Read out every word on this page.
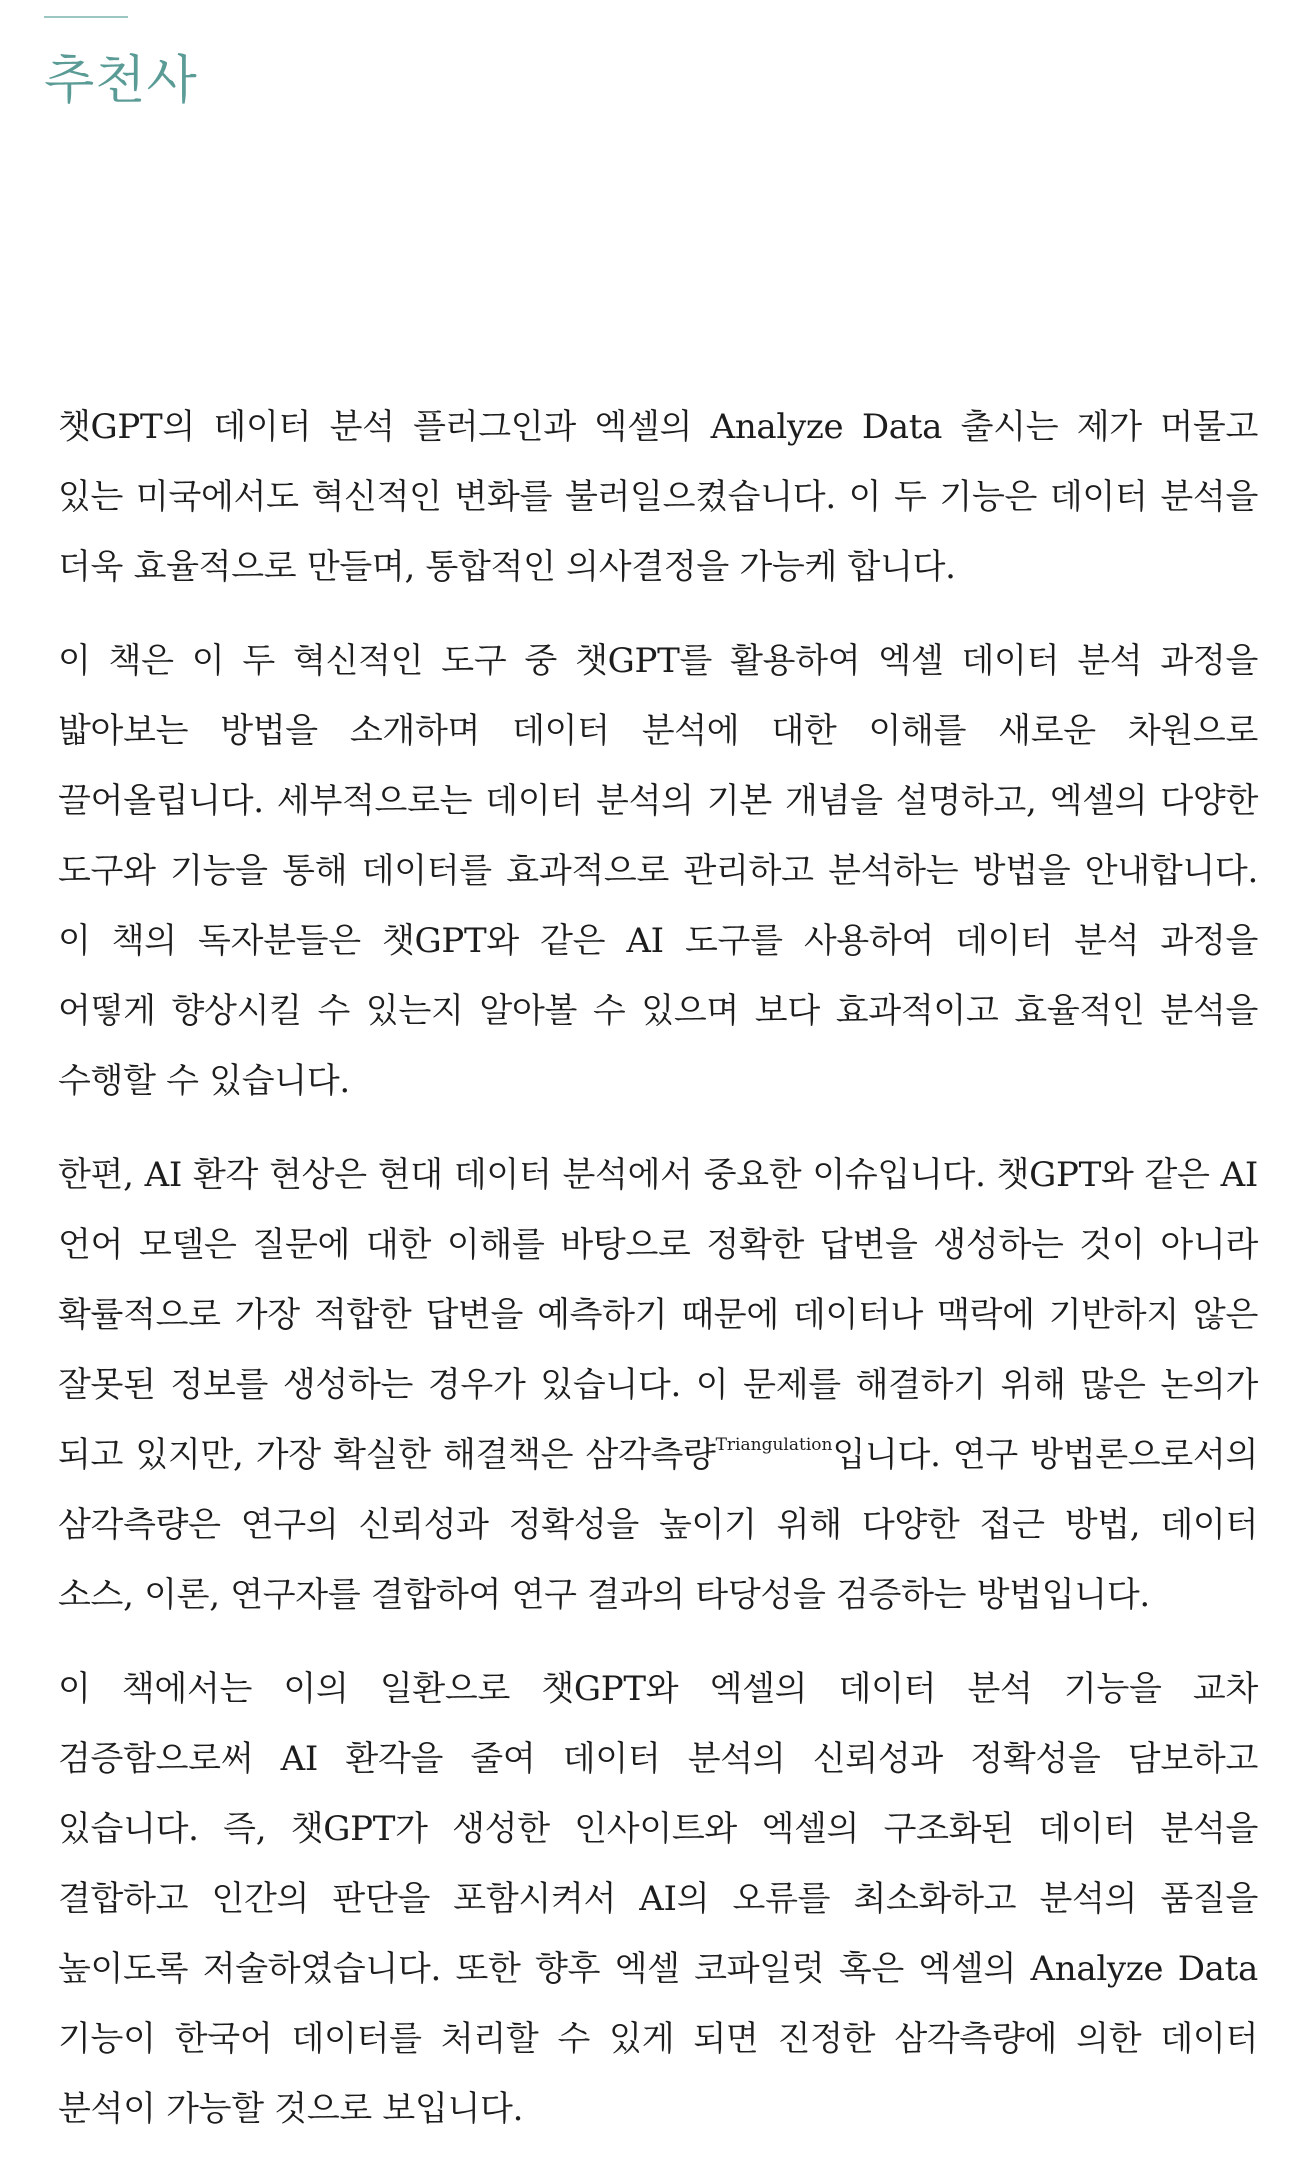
추천사

챗GPT의 데이터 분석 플러그인과 엑셀의 Analyze Data 출시는 제가 머물고 있는 미국에서도 혁신적인 변화를 불러일으켰습니다. 이 두 기능은 데이터 분석을 더욱 효율적으로 만들며, 통합적인 의사결정을 가능케 합니다.

이 책은 이 두 혁신적인 도구 중 챗GPT를 활용하여 엑셀 데이터 분석 과정을 밟아보는 방법을 소개하며 데이터 분석에 대한 이해를 새로운 차원으로 끌어올립니다. 세부적으로는 데이터 분석의 기본 개념을 설명하고, 엑셀의 다양한 도구와 기능을 통해 데이터를 효과적으로 관리하고 분석하는 방법을 안내합니다. 이 책의 독자분들은 챗GPT와 같은 AI 도구를 사용하여 데이터 분석 과정을 어떻게 향상시킬 수 있는지 알아볼 수 있으며 보다 효과적이고 효율적인 분석을 수행할 수 있습니다.

한편, AI 환각 현상은 현대 데이터 분석에서 중요한 이슈입니다. 챗GPT와 같은 AI 언어 모델은 질문에 대한 이해를 바탕으로 정확한 답변을 생성하는 것이 아니라 확률적으로 가장 적합한 답변을 예측하기 때문에 데이터나 맥락에 기반하지 않은 잘못된 정보를 생성하는 경우가 있습니다. 이 문제를 해결하기 위해 많은 논의가 되고 있지만, 가장 확실한 해결책은 삼각측량$^{Triangulation}$입니다. 연구 방법론으로서의 삼각측량은 연구의 신뢰성과 정확성을 높이기 위해 다양한 접근 방법, 데이터 소스, 이론, 연구자를 결합하여 연구 결과의 타당성을 검증하는 방법입니다.

이 책에서는 이의 일환으로 챗GPT와 엑셀의 데이터 분석 기능을 교차 검증함으로써 AI 환각을 줄여 데이터 분석의 신뢰성과 정확성을 담보하고 있습니다. 즉, 챗GPT가 생성한 인사이트와 엑셀의 구조화된 데이터 분석을 결합하고 인간의 판단을 포함시켜서 AI의 오류를 최소화하고 분석의 품질을 높이도록 저술하였습니다. 또한 향후 엑셀 코파일럿 혹은 엑셀의 Analyze Data 기능이 한국어 데이터를 처리할 수 있게 되면 진정한 삼각측량에 의한 데이터 분석이 가능할 것으로 보입니다.
